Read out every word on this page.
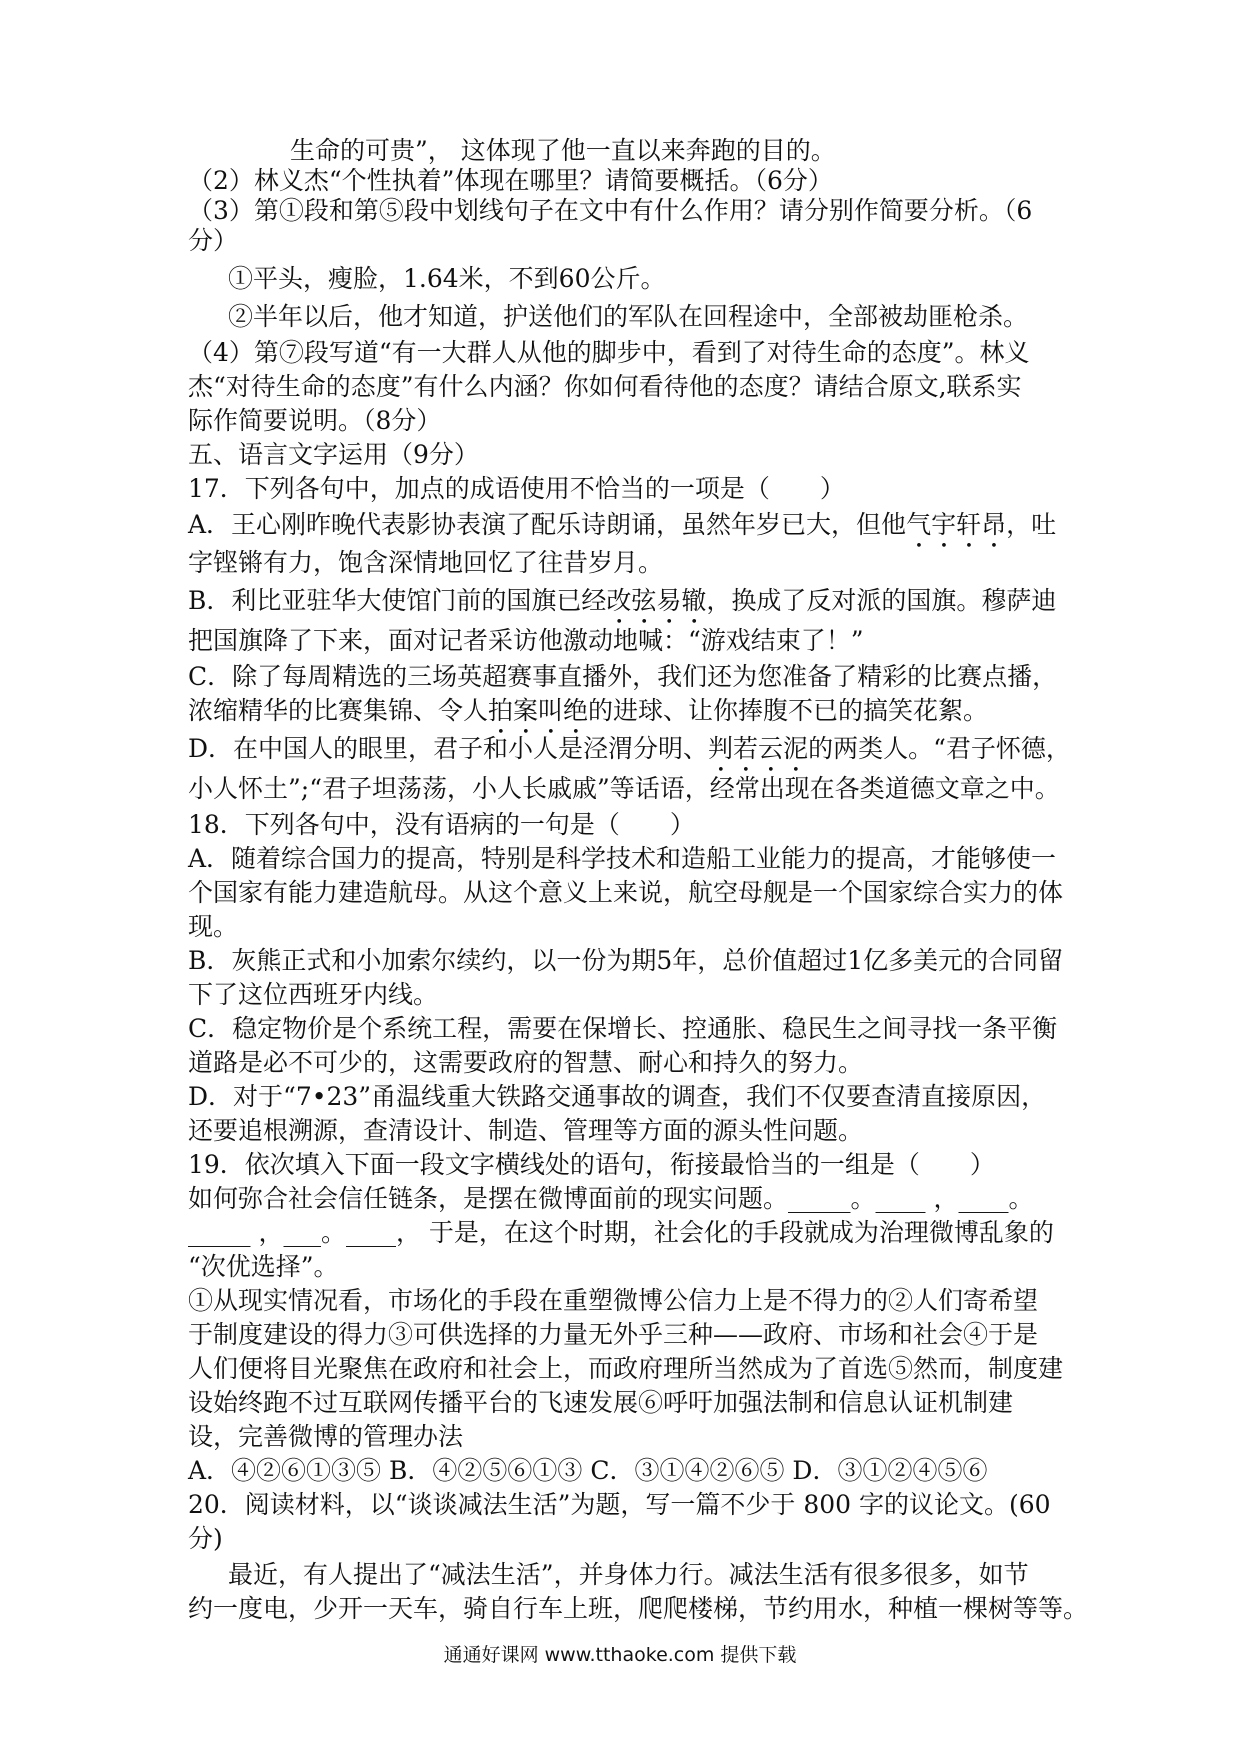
生命的可贵”， 这体现了他一直以来奔跑的目的。
（2）林义杰“个性执着”体现在哪里？请简要概括。（6分）
（3）第①段和第⑤段中划线句子在文中有什么作用？请分别作简要分析。（6
分）
①平头，瘦脸，1.64米，不到60公斤。
②半年以后，他才知道，护送他们的军队在回程途中，全部被劫匪枪杀。
（4）第⑦段写道“有一大群人从他的脚步中，看到了对待生命的态度”。林义
杰“对待生命的态度”有什么内涵？你如何看待他的态度？请结合原文,联系实
际作简要说明。（8分）
五、语言文字运用（9分）
17．下列各句中，加点的成语使用不恰当的一项是（　　）
A．王心刚昨晚代表影协表演了配乐诗朗诵，虽然年岁已大，但他气宇轩昂，吐
字铿锵有力，饱含深情地回忆了往昔岁月。
B．利比亚驻华大使馆门前的国旗已经改弦易辙，换成了反对派的国旗。穆萨迪
把国旗降了下来，面对记者采访他激动地喊：“游戏结束了！”
C．除了每周精选的三场英超赛事直播外，我们还为您准备了精彩的比赛点播，
浓缩精华的比赛集锦、令人拍案叫绝的进球、让你捧腹不已的搞笑花絮。
D．在中国人的眼里，君子和小人是泾渭分明、判若云泥的两类人。“君子怀德，
小人怀土”;“君子坦荡荡，小人长戚戚”等话语，经常出现在各类道德文章之中。
18．下列各句中，没有语病的一句是（　　）
A．随着综合国力的提高，特别是科学技术和造船工业能力的提高，才能够使一
个国家有能力建造航母。从这个意义上来说，航空母舰是一个国家综合实力的体
现。
B．灰熊正式和小加索尔续约，以一份为期5年，总价值超过1亿多美元的合同留
下了这位西班牙内线。
C．稳定物价是个系统工程，需要在保增长、控通胀、稳民生之间寻找一条平衡
道路是必不可少的，这需要政府的智慧、耐心和持久的努力。
D．对于“7•23”甬温线重大铁路交通事故的调查，我们不仅要查清直接原因，
还要追根溯源，查清设计、制造、管理等方面的源头性问题。
19．依次填入下面一段文字横线处的语句，衔接最恰当的一组是（　　）
如何弥合社会信任链条，是摆在微博面前的现实问题。_____。____ ，____。
_____ ，___。____， 于是，在这个时期，社会化的手段就成为治理微博乱象的
“次优选择”。
①从现实情况看，市场化的手段在重塑微博公信力上是不得力的②人们寄希望
于制度建设的得力③可供选择的力量无外乎三种——政府、市场和社会④于是
人们便将目光聚焦在政府和社会上，而政府理所当然成为了首选⑤然而，制度建
设始终跑不过互联网传播平台的飞速发展⑥呼吁加强法制和信息认证机制建
设，完善微博的管理办法
A．④②⑥①③⑤ B．④②⑤⑥①③ C．③①④②⑥⑤ D．③①②④⑤⑥
20．阅读材料，以“谈谈减法生活”为题，写一篇不少于 800 字的议论文。(60
分)
最近，有人提出了“减法生活”，并身体力行。减法生活有很多很多，如节
约一度电，少开一天车，骑自行车上班，爬爬楼梯，节约用水，种植一棵树等等。
通通好课网 www.tthaoke.com 提供下载
